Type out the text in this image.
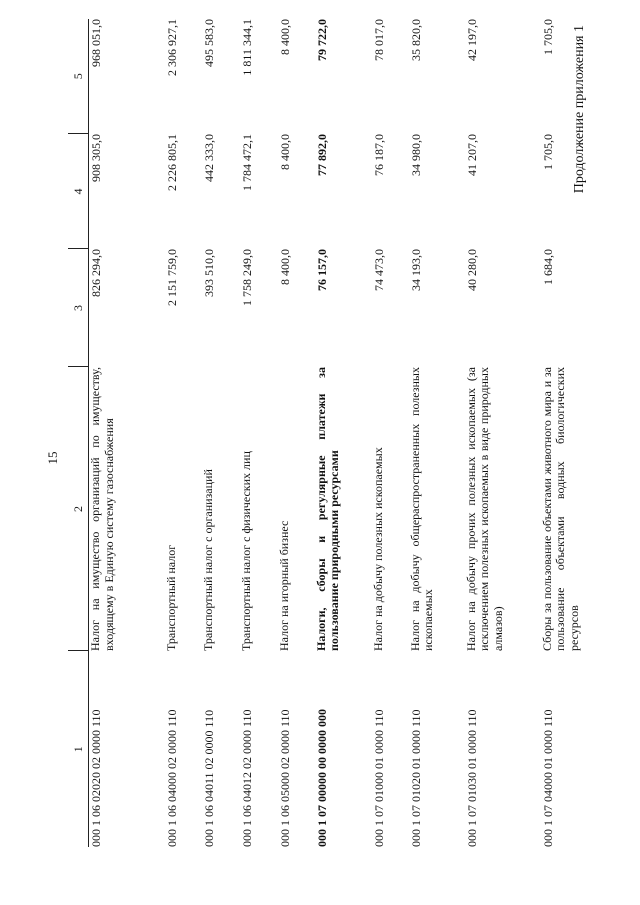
15
Продолжение приложения 1
1	2	3	4	5
000 1 06 02020 02 0000 110	Налог на имущество организаций по имуществу, входящему в Единую систему газоснабжения	826 294,0	908 305,0	968 051,0
000 1 06 04000 02 0000 110	Транспортный налог	2 151 759,0	2 226 805,1	2 306 927,1
000 1 06 04011 02 0000 110	Транспортный налог с организаций	393 510,0	442 333,0	495 583,0
000 1 06 04012 02 0000 110	Транспортный налог с физических лиц	1 758 249,0	1 784 472,1	1 811 344,1
000 1 06 05000 02 0000 110	Налог на игорный бизнес	8 400,0	8 400,0	8 400,0
000 1 07 00000 00 0000 000	Налоги, сборы и регулярные платежи за пользование природными ресурсами	76 157,0	77 892,0	79 722,0
000 1 07 01000 01 0000 110	Налог на добычу полезных ископаемых	74 473,0	76 187,0	78 017,0
000 1 07 01020 01 0000 110	Налог на добычу общераспространенных полезных ископаемых	34 193,0	34 980,0	35 820,0
000 1 07 01030 01 0000 110	Налог на добычу прочих полезных ископаемых (за исключением полезных ископаемых в виде природных алмазов)	40 280,0	41 207,0	42 197,0
000 1 07 04000 01 0000 110	Сборы за пользование объектами животного мира и за пользование объектами водных биологических ресурсов	1 684,0	1 705,0	1 705,0
